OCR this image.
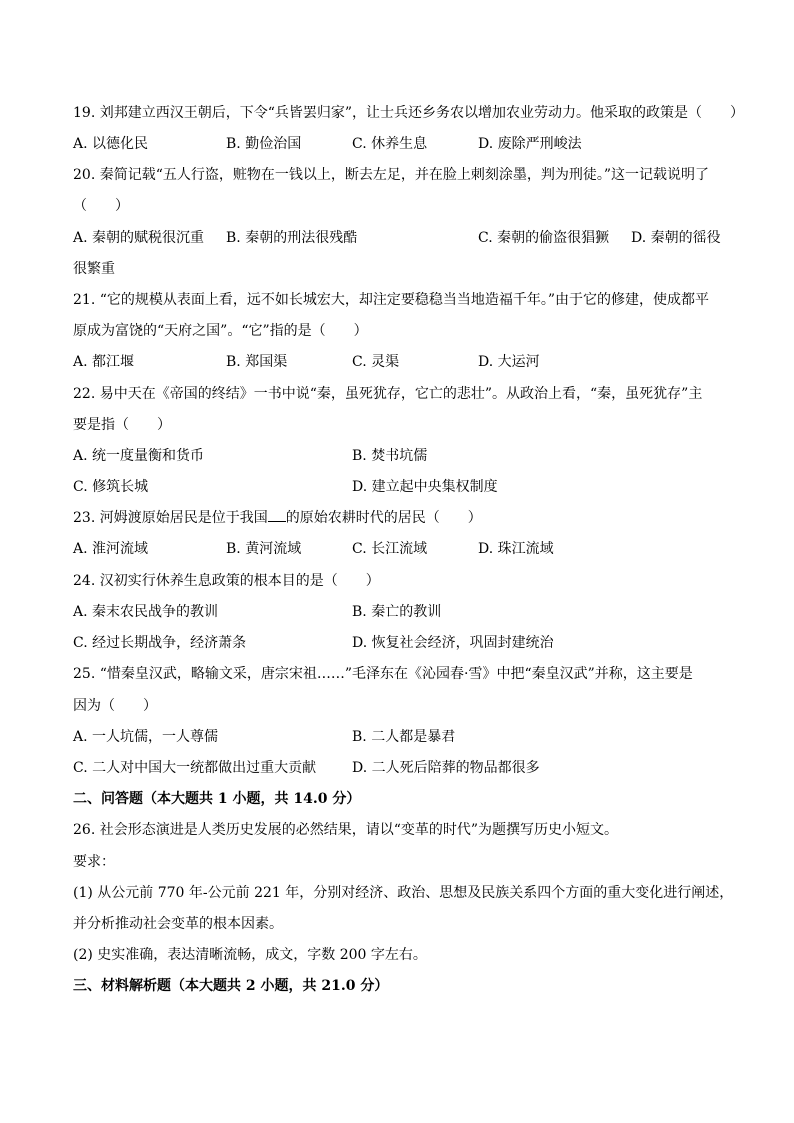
19. 刘邦建立西汉王朝后，下令“兵皆罢归家”，让士兵还乡务农以增加农业劳动力。他采取的政策是（　　）
A. 以德化民	B. 勤俭治国	C. 休养生息	D. 废除严刑峻法
20. 秦简记载“五人行盗，赃物在一钱以上，断去左足，并在脸上刺刻涂墨，判为刑徒。”这一记载说明了
（　　）
A. 秦朝的赋税很沉重 B. 秦朝的刑法很残酷	C. 秦朝的偷盗很猖獗 D. 秦朝的徭役
很繁重
21. “它的规模从表面上看，远不如长城宏大，却注定要稳稳当当地造福千年。”由于它的修建，使成都平
原成为富饶的“天府之国”。“它”指的是（　　）
A. 都江堰	B. 郑国渠	C. 灵渠	D. 大运河
22. 易中天在《帝国的终结》一书中说“秦，虽死犹存，它亡的悲壮”。从政治上看，“秦，虽死犹存”主
要是指（　　）
A. 统一度量衡和货币	B. 焚书坑儒
C. 修筑长城	D. 建立起中央集权制度
23. 河姆渡原始居民是位于我国 的原始农耕时代的居民（　　）
A. 淮河流域	B. 黄河流域	C. 长江流域	D. 珠江流域
24. 汉初实行休养生息政策的根本目的是（　　）
A. 秦末农民战争的教训	B. 秦亡的教训
C. 经过长期战争，经济萧条	D. 恢复社会经济，巩固封建统治
25. “惜秦皇汉武，略输文采，唐宗宋祖……”毛泽东在《沁园春·雪》中把“秦皇汉武”并称，这主要是
因为（　　）
A. 一人坑儒，一人尊儒	B. 二人都是暴君
C. 二人对中国大一统都做出过重大贡献	D. 二人死后陪葬的物品都很多
二、问答题（本大题共 1 小题，共 14.0 分）
26. 社会形态演进是人类历史发展的必然结果，请以“变革的时代”为题撰写历史小短文。
要求：
(1) 从公元前 770 年-公元前 221 年，分别对经济、政治、思想及民族关系四个方面的重大变化进行阐述，
并分析推动社会变革的根本因素。
(2) 史实准确，表达清晰流畅，成文，字数 200 字左右。
三、材料解析题（本大题共 2 小题，共 21.0 分）
